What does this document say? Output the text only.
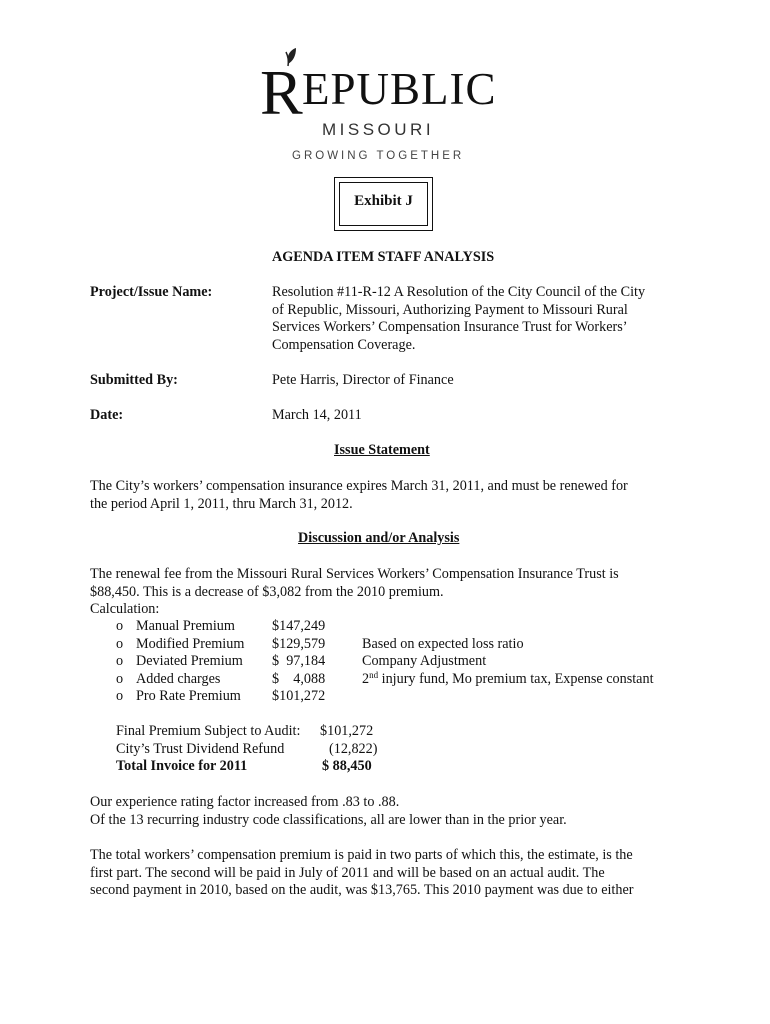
R EPUBLIC
MISSOURI
GROWING TOGETHER
Exhibit J
AGENDA ITEM STAFF ANALYSIS
Project/Issue Name:	Resolution #11-R-12 A Resolution of the City Council of the City
of Republic, Missouri, Authorizing Payment to Missouri Rural
Services Workers’ Compensation Insurance Trust for Workers’
Compensation Coverage.
Submitted By:	Pete Harris, Director of Finance
Date:	March 14, 2011
Issue Statement
The City’s workers’ compensation insurance expires March 31, 2011, and must be renewed for
the period April 1, 2011, thru March 31, 2012.
Discussion and/or Analysis
The renewal fee from the Missouri Rural Services Workers’ Compensation Insurance Trust is
$88,450. This is a decrease of $3,082 from the 2010 premium.
Calculation:
o Manual Premium	$147,249
o Modified Premium $129,579	Based on expected loss ratio
o Deviated Premium $  97,184	Company Adjustment
o Added charges	$    4,088	2nd injury fund, Mo premium tax, Expense constant
o Pro Rate Premium $101,272
Final Premium Subject to Audit: $101,272
City’s Trust Dividend Refund	(12,822)
Total Invoice for 2011	$ 88,450
Our experience rating factor increased from .83 to .88.
Of the 13 recurring industry code classifications, all are lower than in the prior year.
The total workers’ compensation premium is paid in two parts of which this, the estimate, is the
first part. The second will be paid in July of 2011 and will be based on an actual audit. The
second payment in 2010, based on the audit, was $13,765. This 2010 payment was due to either
